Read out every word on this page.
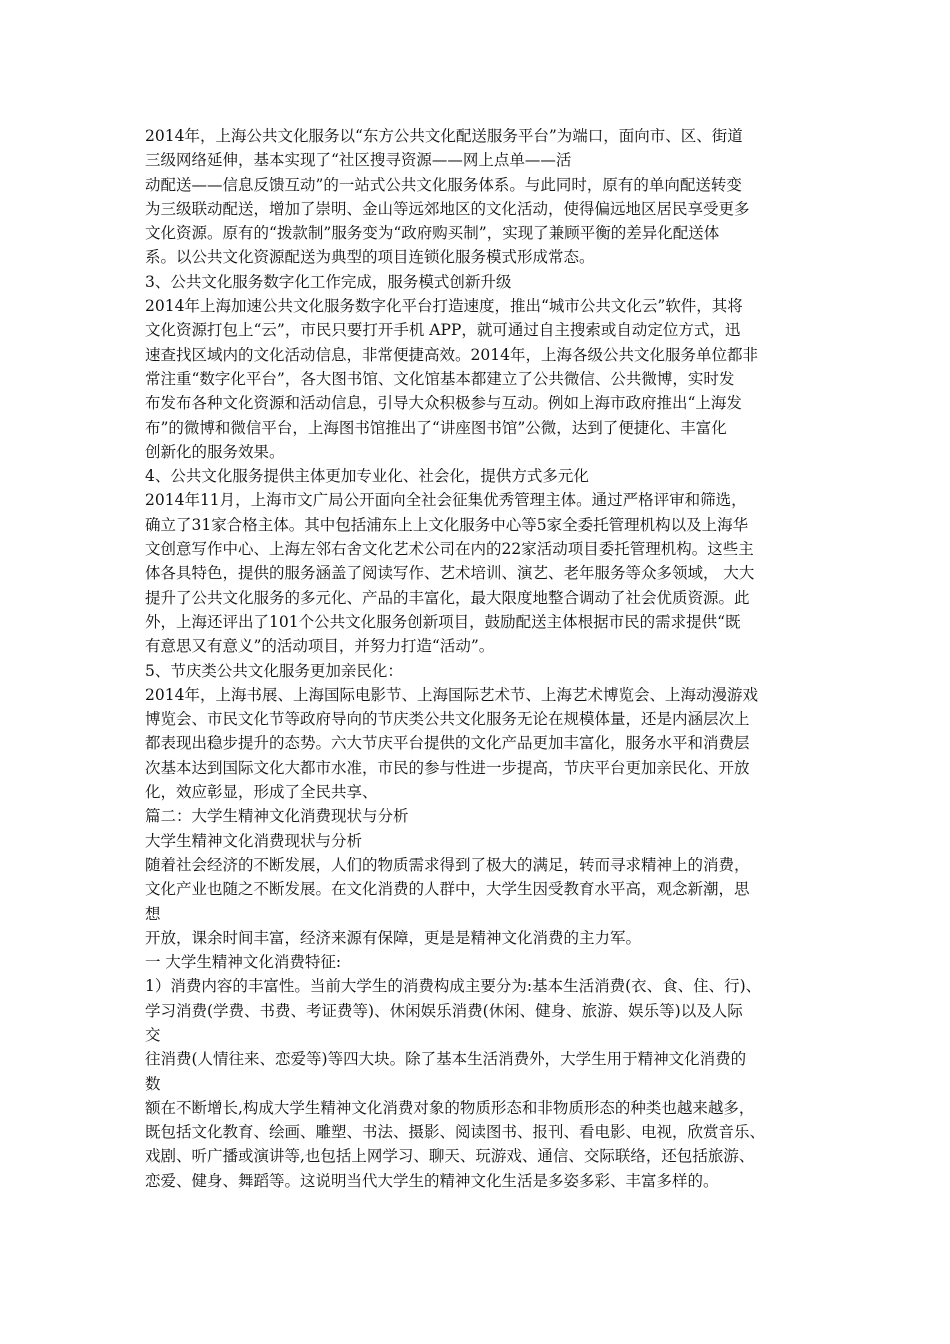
2014年，上海公共文化服务以“东方公共文化配送服务平台”为端口，面向市、区、街道
三级网络延伸，基本实现了“社区搜寻资源——网上点单——活
动配送——信息反馈互动”的一站式公共文化服务体系。与此同时，原有的单向配送转变
为三级联动配送，增加了崇明、金山等远郊地区的文化活动，使得偏远地区居民享受更多
文化资源。原有的“拨款制”服务变为“政府购买制”，实现了兼顾平衡的差异化配送体
系。以公共文化资源配送为典型的项目连锁化服务模式形成常态。
3、公共文化服务数字化工作完成，服务模式创新升级
2014年上海加速公共文化服务数字化平台打造速度，推出“城市公共文化云”软件，其将
文化资源打包上“云”，市民只要打开手机 APP，就可通过自主搜索或自动定位方式，迅
速查找区域内的文化活动信息，非常便捷高效。2014年，上海各级公共文化服务单位都非
常注重“数字化平台”，各大图书馆、文化馆基本都建立了公共微信、公共微博，实时发
布发布各种文化资源和活动信息，引导大众积极参与互动。例如上海市政府推出“上海发
布”的微博和微信平台，上海图书馆推出了“讲座图书馆”公微，达到了便捷化、丰富化
创新化的服务效果。
4、公共文化服务提供主体更加专业化、社会化，提供方式多元化
2014年11月，上海市文广局公开面向全社会征集优秀管理主体。通过严格评审和筛选，
确立了31家合格主体。其中包括浦东上上文化服务中心等5家全委托管理机构以及上海华
文创意写作中心、上海左邻右舍文化艺术公司在内的22家活动项目委托管理机构。这些主
体各具特色，提供的服务涵盖了阅读写作、艺术培训、演艺、老年服务等众多领域， 大大
提升了公共文化服务的多元化、产品的丰富化，最大限度地整合调动了社会优质资源。此
外，上海还评出了101个公共文化服务创新项目，鼓励配送主体根据市民的需求提供“既
有意思又有意义”的活动项目，并努力打造“活动”。
5、节庆类公共文化服务更加亲民化：
2014年，上海书展、上海国际电影节、上海国际艺术节、上海艺术博览会、上海动漫游戏
博览会、市民文化节等政府导向的节庆类公共文化服务无论在规模体量，还是内涵层次上
都表现出稳步提升的态势。六大节庆平台提供的文化产品更加丰富化，服务水平和消费层
次基本达到国际文化大都市水准，市民的参与性进一步提高，节庆平台更加亲民化、开放
化，效应彰显，形成了全民共享、
篇二：大学生精神文化消费现状与分析
大学生精神文化消费现状与分析
随着社会经济的不断发展，人们的物质需求得到了极大的满足，转而寻求精神上的消费，
文化产业也随之不断发展。在文化消费的人群中，大学生因受教育水平高，观念新潮，思
想
开放，课余时间丰富，经济来源有保障，更是是精神文化消费的主力军。
一 大学生精神文化消费特征:
1）消费内容的丰富性。当前大学生的消费构成主要分为:基本生活消费(衣、食、住、行)、
学习消费(学费、书费、考证费等)、休闲娱乐消费(休闲、健身、旅游、娱乐等)以及人际
交
往消费(人情往来、恋爱等)等四大块。除了基本生活消费外，大学生用于精神文化消费的
数
额在不断增长,构成大学生精神文化消费对象的物质形态和非物质形态的种类也越来越多，
既包括文化教育、绘画、雕塑、书法、摄影、阅读图书、报刊、看电影、电视，欣赏音乐、
戏剧、听广播或演讲等,也包括上网学习、聊天、玩游戏、通信、交际联络，还包括旅游、
恋爱、健身、舞蹈等。这说明当代大学生的精神文化生活是多姿多彩、丰富多样的。
